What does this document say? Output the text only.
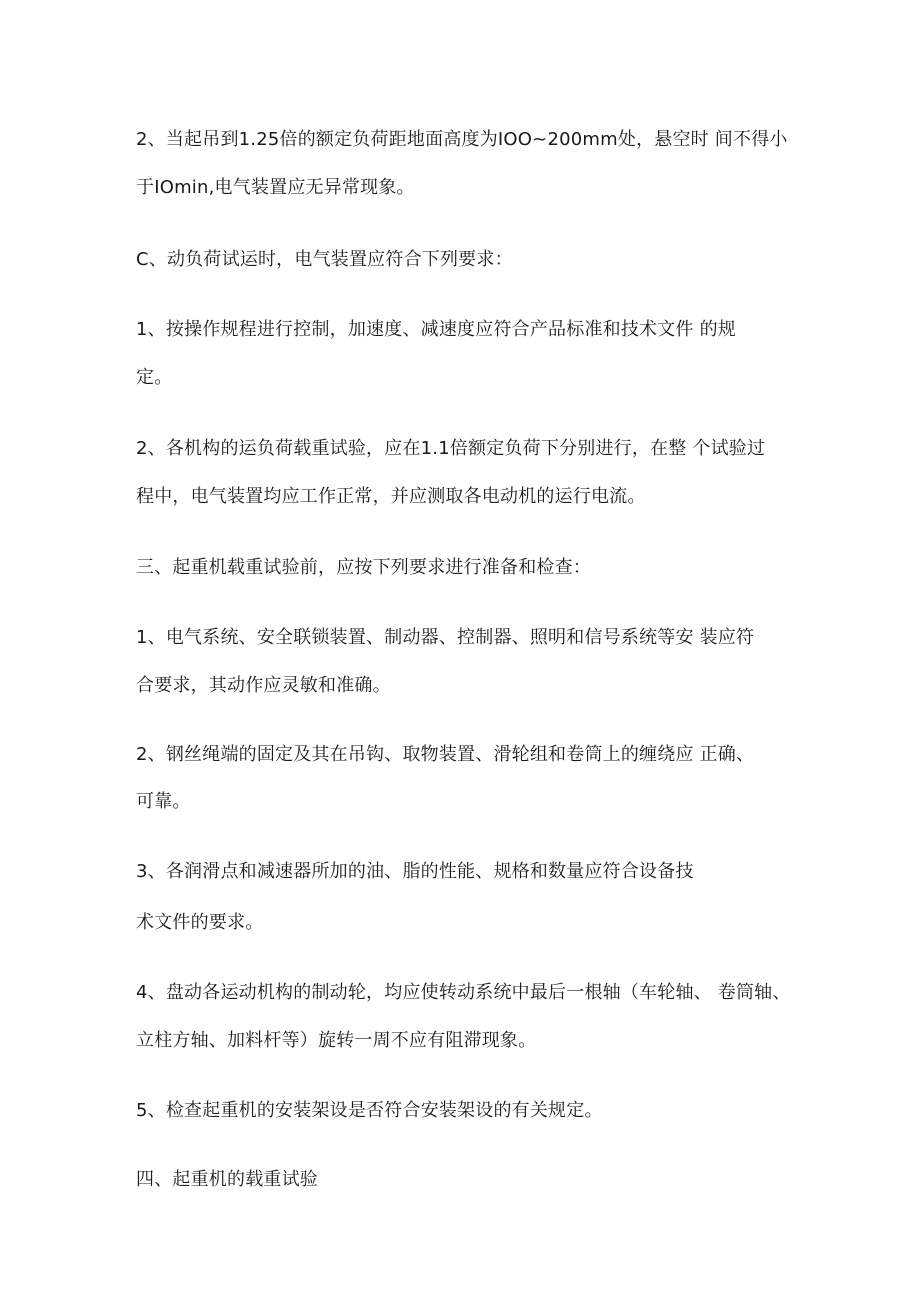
2、当起吊到1.25倍的额定负荷距地面高度为IOO~200mm处，悬空时 间不得小
于IOmin,电气装置应无异常现象。
C、动负荷试运时，电气装置应符合下列要求：
1、按操作规程进行控制，加速度、减速度应符合产品标准和技术文件 的规
定。
2、各机构的运负荷载重试验，应在1.1倍额定负荷下分别进行，在整 个试验过
程中，电气装置均应工作正常，并应测取各电动机的运行电流。
三、起重机载重试验前，应按下列要求进行准备和检查：
1、电气系统、安全联锁装置、制动器、控制器、照明和信号系统等安 装应符
合要求，其动作应灵敏和准确。
2、钢丝绳端的固定及其在吊钩、取物装置、滑轮组和卷筒上的缠绕应 正确、
可靠。
3、各润滑点和减速器所加的油、脂的性能、规格和数量应符合设备技
术文件的要求。
4、盘动各运动机构的制动轮，均应使转动系统中最后一根轴（车轮轴、 卷筒轴、
立柱方轴、加料杆等）旋转一周不应有阻滞现象。
5、检查起重机的安装架设是否符合安装架设的有关规定。
四、起重机的载重试验
